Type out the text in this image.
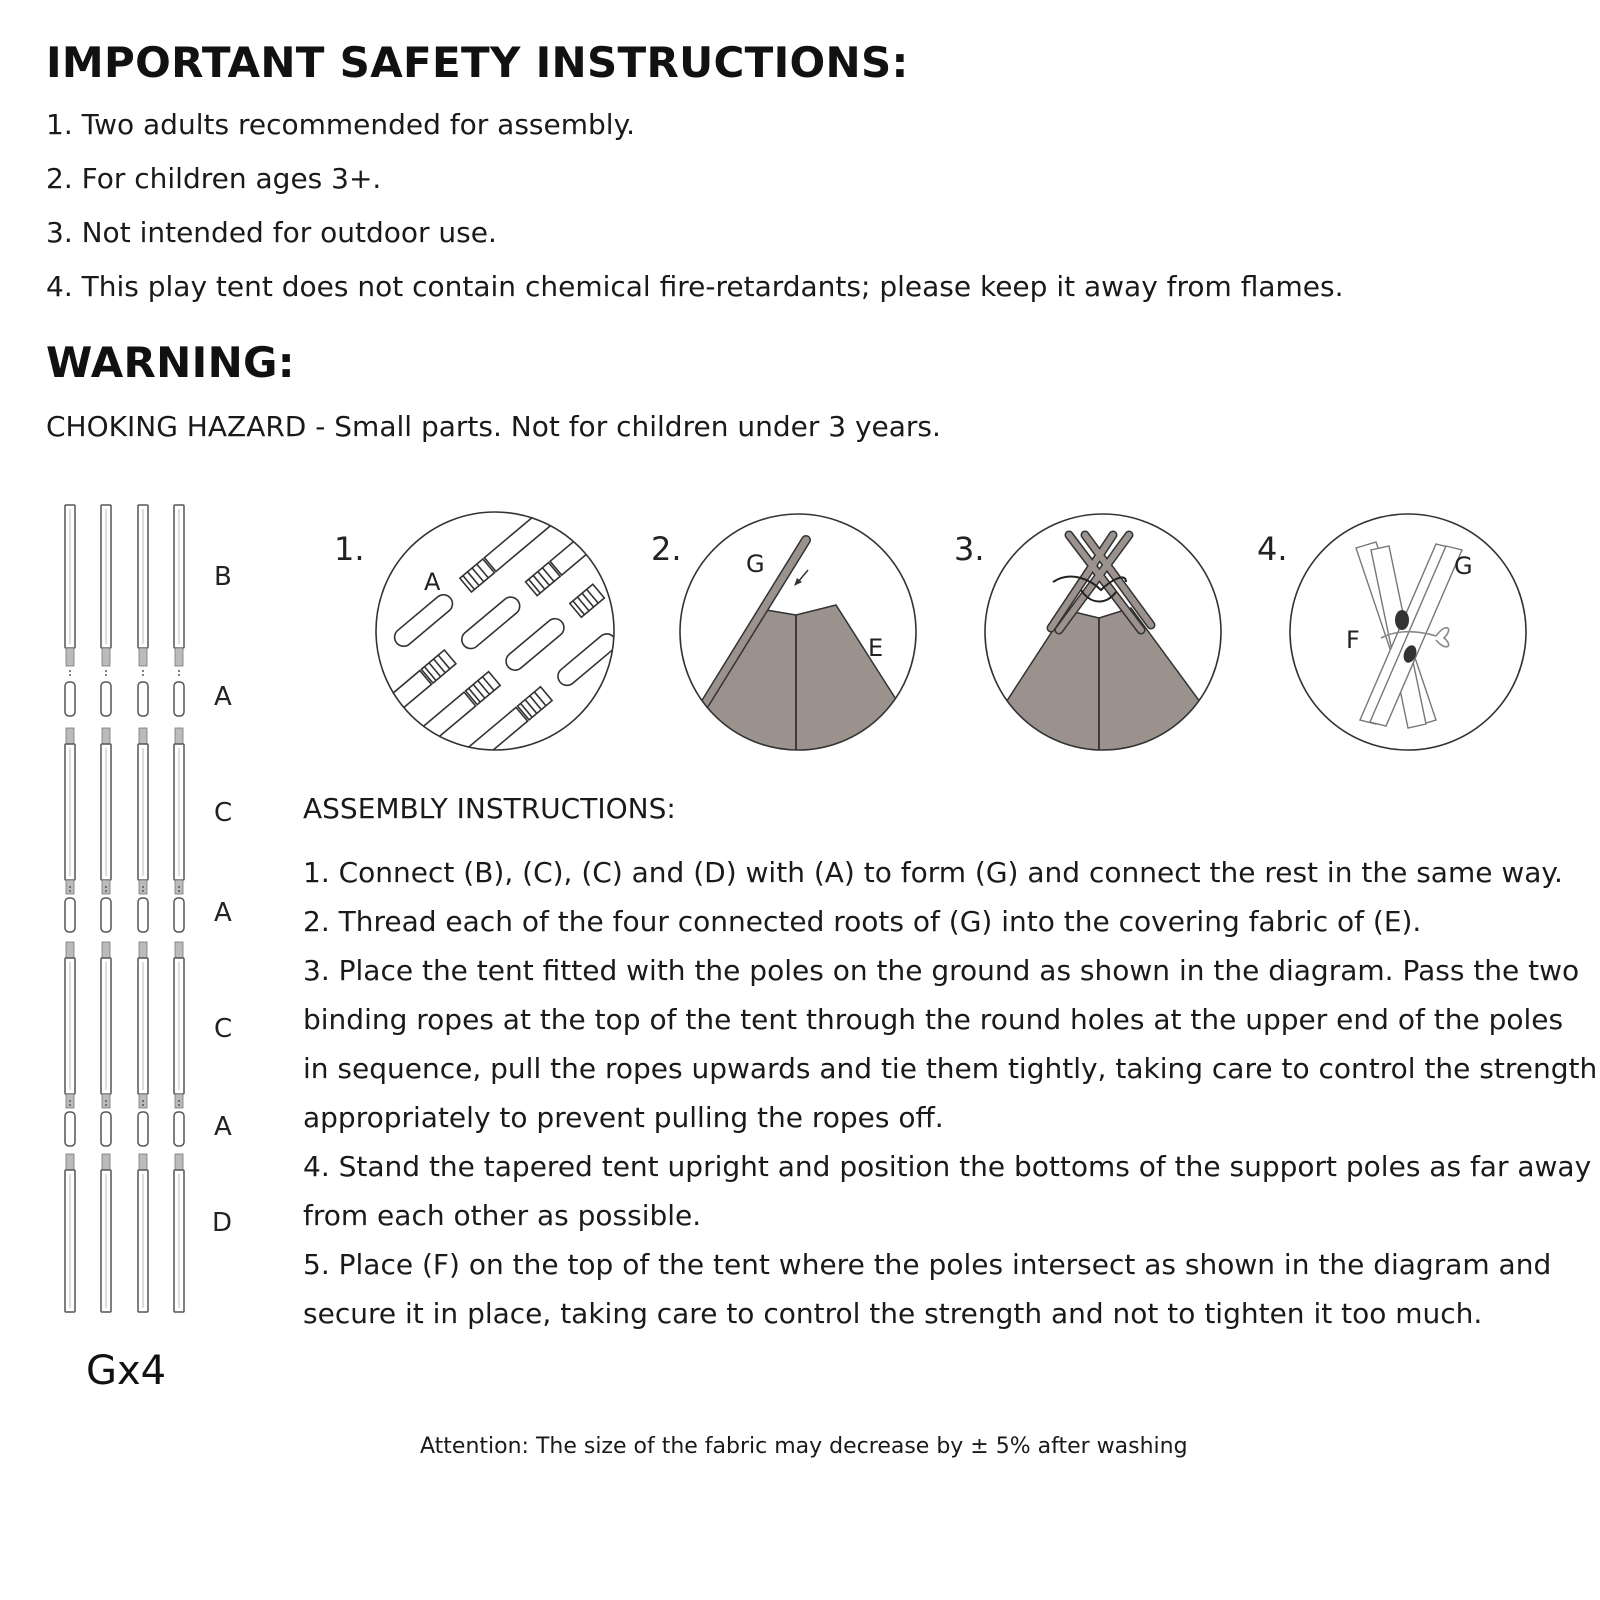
IMPORTANT SAFETY INSTRUCTIONS:
1. Two adults recommended for assembly.
2. For children ages 3+.
3. Not intended for outdoor use.
4. This play tent does not contain chemical fire-retardants; please keep it away from flames.
WARNING:
CHOKING HAZARD - Small parts. Not for children under 3 years.
B
A
C
A
C
A
D
Gx4
1.	2.	3.	4.
A
G
E	F
G
ASSEMBLY INSTRUCTIONS:
1. Connect (B), (C), (C) and (D) with (A) to form (G) and connect the rest in the same way.
2. Thread each of the four connected roots of (G) into the covering fabric of (E).
3. Place the tent fitted with the poles on the ground as shown in the diagram. Pass the two
binding ropes at the top of the tent through the round holes at the upper end of the poles
in sequence, pull the ropes upwards and tie them tightly, taking care to control the strength
appropriately to prevent pulling the ropes off.
4. Stand the tapered tent upright and position the bottoms of the support poles as far away
from each other as possible.
5. Place (F) on the top of the tent where the poles intersect as shown in the diagram and
secure it in place, taking care to control the strength and not to tighten it too much.
Attention: The size of the fabric may decrease by ± 5% after washing
